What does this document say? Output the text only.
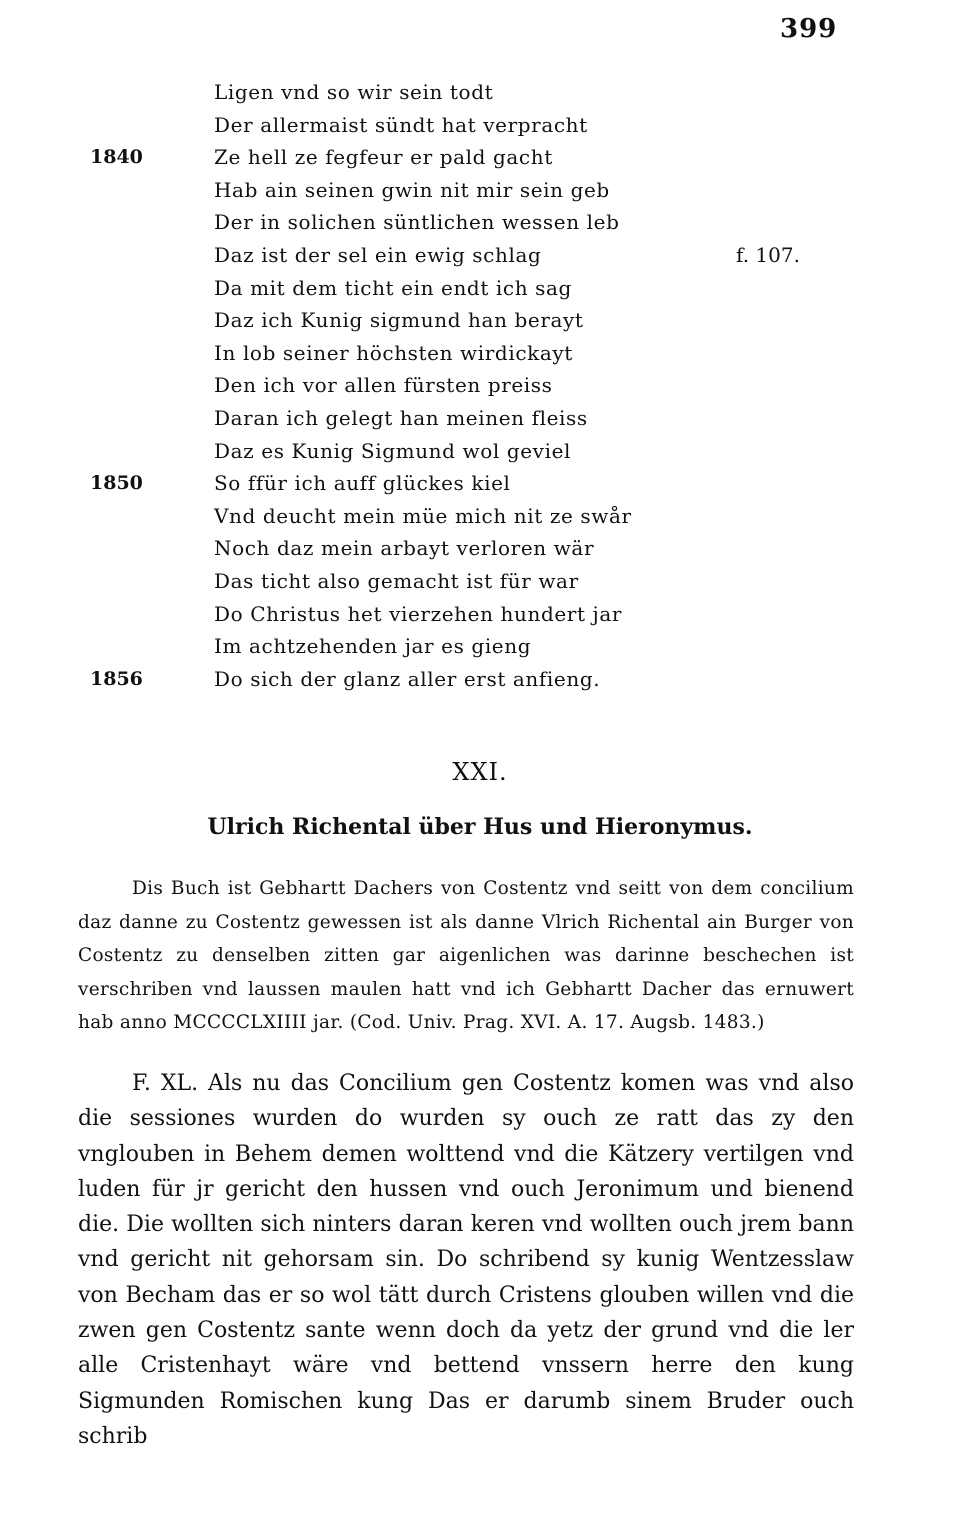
399
Ligen vnd so wir sein todt
Der allermaist sündt hat verpracht
1840	Ze hell ze fegfeur er pald gacht
Hab ain seinen gwin nit mir sein geb
Der in solichen süntlichen wessen leb
Daz ist der sel ein ewig schlag	f. 107.
Da mit dem ticht ein endt ich sag
Daz ich Kunig sigmund han berayt
In lob seiner höchsten wirdickayt
Den ich vor allen fürsten preiss
Daran ich gelegt han meinen fleiss
Daz es Kunig Sigmund wol geviel
1850	So ffür ich auff glückes kiel
Vnd deucht mein müe mich nit ze swår
Noch daz mein arbayt verloren wär
Das ticht also gemacht ist für war
Do Christus het vierzehen hundert jar
Im achtzehenden jar es gieng
1856	Do sich der glanz aller erst anfieng.
XXI.
Ulrich Richental über Hus und Hieronymus.

Dis Buch ist Gebhartt Dachers von Costentz vnd seitt von dem concilium daz danne zu Costentz gewessen ist als danne Vlrich Richental ain Burger von Costentz zu denselben zitten gar aigenlichen was darinne beschechen ist verschriben vnd laussen maulen hatt vnd ich Gebhartt Dacher das ernuwert hab anno MCCCCLXIIII jar. (Cod. Univ. Prag. XVI. A. 17. Augsb. 1483.)

F. XL. Als nu das Concilium gen Costentz komen was vnd also die sessiones wurden do wurden sy ouch ze ratt das zy den vnglouben in Behem demen wolttend vnd die Kätzery vertilgen vnd luden für jr gericht den hussen vnd ouch Jeronimum und bienend die. Die wollten sich ninters daran keren vnd wollten ouch jrem bann vnd gericht nit gehorsam sin. Do schribend sy kunig Wentzesslaw von Becham das er so wol tätt durch Cristens glouben willen vnd die zwen gen Costentz sante wenn doch da yetz der grund vnd die ler alle Cristenhayt wäre vnd bettend vnssern herre den kung Sigmunden Romischen kung Das er darumb sinem Bruder ouch schrib
